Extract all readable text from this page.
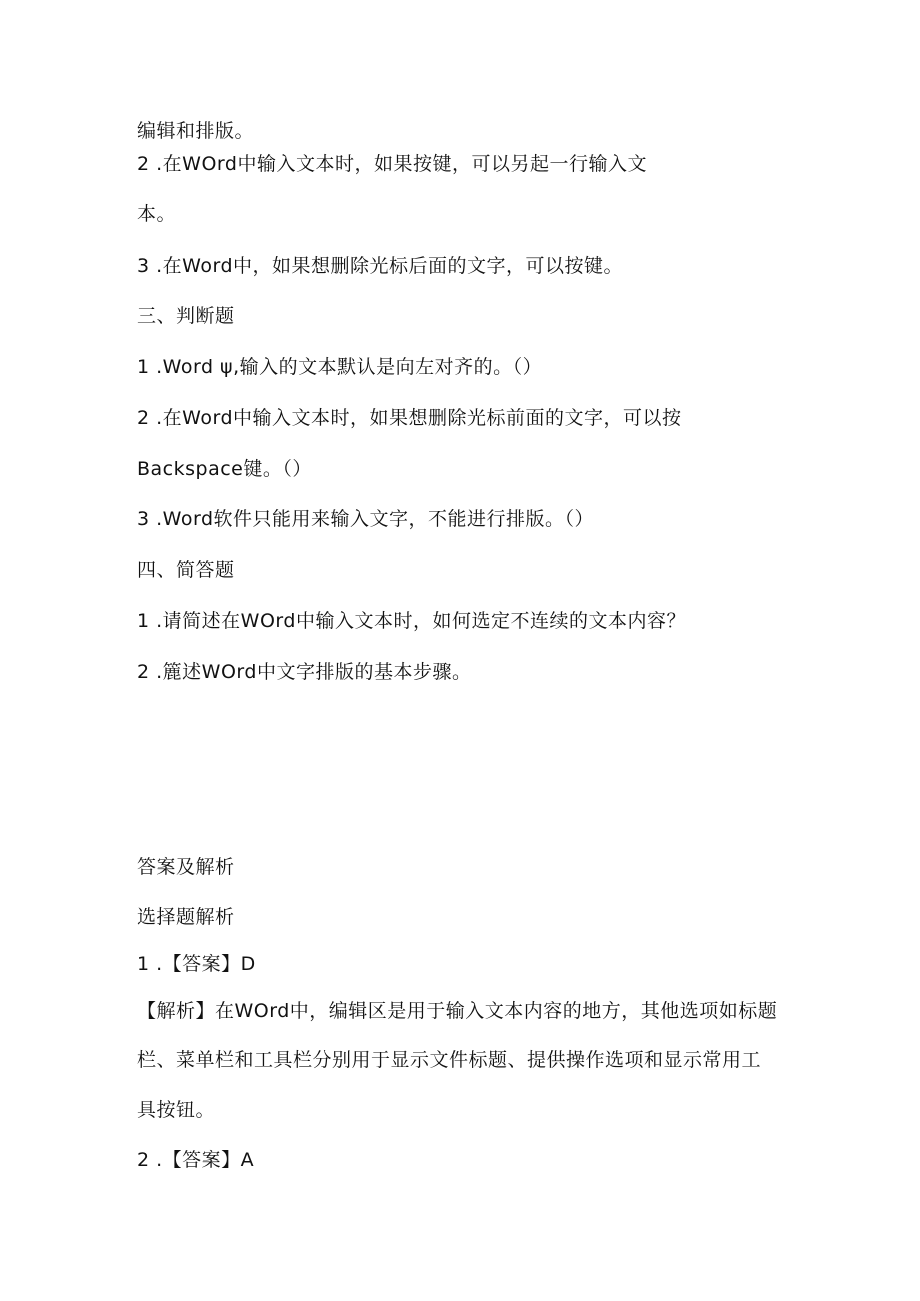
编辑和排版。
2 .在WOrd中输入文本时，如果按键，可以另起一行输入文
本。
3 .在Word中，如果想删除光标后面的文字，可以按键。
三、判断题
1 .Word ψ,输入的文本默认是向左对齐的。（）
2 .在Word中输入文本时，如果想删除光标前面的文字，可以按
Backspace键。（）
3 .Word软件只能用来输入文字，不能进行排版。（）
四、简答题
1 .请简述在WOrd中输入文本时，如何选定不连续的文本内容？
2 .簏述WOrd中文字排版的基本步骤。
答案及解析
选择题解析
1 .【答案】D
【解析】在WOrd中，编辑区是用于输入文本内容的地方，其他选项如标题
栏、菜单栏和工具栏分别用于显示文件标题、提供操作选项和显示常用工
具按钮。
2 .【答案】A
